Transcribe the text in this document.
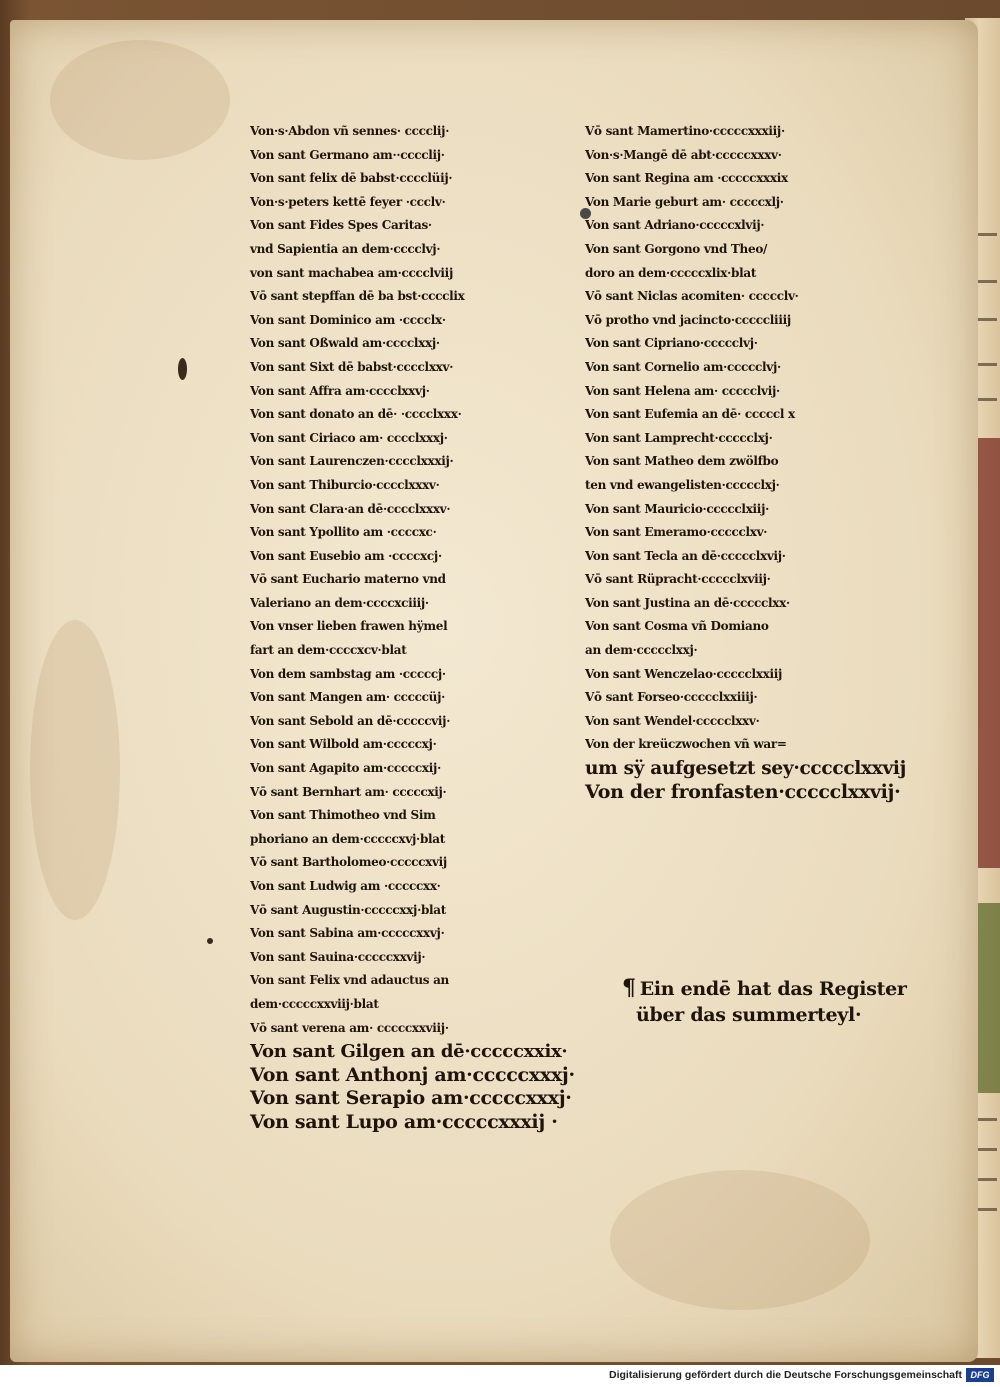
Von·s·Abdon vñ sennes· cccclij·
Von sant Germano am··cccclij·
Von sant felix dē babst·cccclüij·
Von·s·peters kettē feyer ·ccclv·
Von sant Fides Spes Caritas·
vnd Sapientia an dem·cccclvj·
von sant machabea am·cccclviij
Vō sant stepffan dē ba bst·cccclix
Von sant Dominico am ·cccclx·
Von sant Oßwald am·cccclxxj·
Von sant Sixt dē babst·cccclxxv·
Von sant Affra am·cccclxxvj·
Von sant donato an dē· ·cccclxxx·
Von sant Ciriaco am· cccclxxxj·
Von sant Laurenczen·cccclxxxij·
Von sant Thiburcio·cccclxxxv·
Von sant Clara·an dē·cccclxxxv·
Von sant Ypollito am ·ccccxc·
Von sant Eusebio am ·ccccxcj·
Vō sant Euchario materno vnd
Valeriano an dem·ccccxciiij·
Von vnser lieben frawen hÿmel
fart an dem·ccccxcv·blat
Von dem sambstag am ·cccccj·
Von sant Mangen am· cccccüj·
Von sant Sebold an dē·cccccvij·
Von sant Wilbold am·cccccxj·
Von sant Agapito am·cccccxij·
Vō sant Bernhart am· cccccxij·
Von sant Thimotheo vnd Sim
phoriano an dem·cccccxvj·blat
Vō sant Bartholomeo·cccccxvij
Von sant Ludwig am ·cccccxx·
Vō sant Augustin·cccccxxj·blat
Von sant Sabina am·cccccxxvj·
Von sant Sauina·cccccxxvij·
Von sant Felix vnd adauctus an
dem·cccccxxviij·blat
Vō sant verena am· cccccxxviij·
Von sant Gilgen an dē·cccccxxix·
Von sant Anthonj am·cccccxxxj·
Von sant Serapio am·cccccxxxj·
Von sant Lupo am·cccccxxxij ·
Vō sant Mamertino·cccccxxxiij·
Von·s·Mangē dē abt·cccccxxxv·
Von sant Regina am ·cccccxxxix
Von Marie geburt am· cccccxlj·
Von sant Adriano·cccccxlvij·
Von sant Gorgono vnd Theo/
doro an dem·cccccxlix·blat
Vō sant Niclas acomiten· ccccclv·
Vō protho vnd jacincto·cccccliiij
Von sant Cipriano·ccccclvj·
Von sant Cornelio am·ccccclvj·
Von sant Helena am· ccccclvij·
Von sant Eufemia an dē· cccccl x
Von sant Lamprecht·ccccclxj·
Von sant Matheo dem zwölfbo
ten vnd ewangelisten·ccccclxj·
Von sant Mauricio·ccccclxiij·
Von sant Emeramo·ccccclxv·
Von sant Tecla an dē·ccccclxvij·
Vō sant Rüpracht·ccccclxviij·
Von sant Justina an dē·ccccclxx·
Von sant Cosma vñ Domiano
an dem·ccccclxxj·
Von sant Wenczelao·ccccclxxiij
Vō sant Forseo·ccccclxxiiij·
Von sant Wendel·ccccclxxv·
Von der kreüczwochen vñ war=
um sÿ aufgesetzt sey·ccccclxxvij
Von der fronfasten·ccccclxxvij·
¶ Ein endē hat das Register
über das summerteyl·
Digitalisierung gefördert durch die Deutsche Forschungsgemeinschaft DFG
